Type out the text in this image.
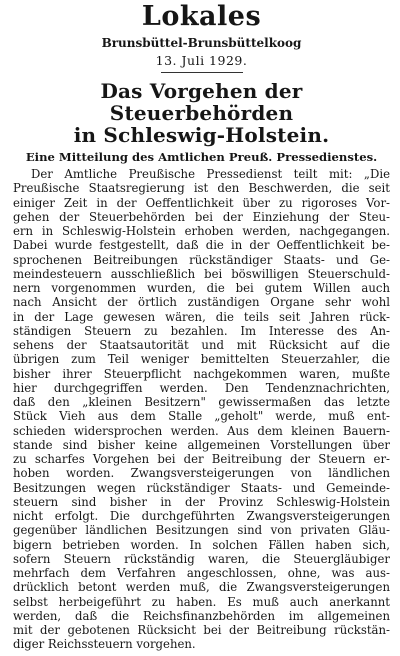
Lokales
Brunsbüttel-Brunsbüttelkoog
13. Juli 1929.
Das Vorgehen der Steuerbehörden
in Schleswig-Holstein.
Eine Mitteilung des Amtlichen Preuß. Pressedienstes.
Der Amtliche Preußische Pressedienst teilt mit: „Die
Preußische Staatsregierung ist den Beschwerden, die seit
einiger Zeit in der Oeffentlichkeit über zu rigoroses Vor-
gehen der Steuerbehörden bei der Einziehung der Steu-
ern in Schleswig-Holstein erhoben werden, nachgegangen.
Dabei wurde festgestellt, daß die in der Oeffentlichkeit be-
sprochenen Beitreibungen rückständiger Staats- und Ge-
meindesteuern ausschließlich bei böswilligen Steuerschuld-
nern vorgenommen wurden, die bei gutem Willen auch
nach Ansicht der örtlich zuständigen Organe sehr wohl
in der Lage gewesen wären, die teils seit Jahren rück-
ständigen Steuern zu bezahlen. Im Interesse des An-
sehens der Staatsautorität und mit Rücksicht auf die
übrigen zum Teil weniger bemittelten Steuerzahler, die
bisher ihrer Steuerpflicht nachgekommen waren, mußte
hier durchgegriffen werden. Den Tendenznachrichten,
daß den „kleinen Besitzern" gewissermaßen das letzte
Stück Vieh aus dem Stalle „geholt" werde, muß ent-
schieden widersprochen werden. Aus dem kleinen Bauern-
stande sind bisher keine allgemeinen Vorstellungen über
zu scharfes Vorgehen bei der Beitreibung der Steuern er-
hoben worden. Zwangsversteigerungen von ländlichen
Besitzungen wegen rückständiger Staats- und Gemeinde-
steuern sind bisher in der Provinz Schleswig-Holstein
nicht erfolgt. Die durchgeführten Zwangsversteigerungen
gegenüber ländlichen Besitzungen sind von privaten Gläu-
bigern betrieben worden. In solchen Fällen haben sich,
sofern Steuern rückständig waren, die Steuergläubiger
mehrfach dem Verfahren angeschlossen, ohne, was aus-
drücklich betont werden muß, die Zwangsversteigerungen
selbst herbeigeführt zu haben. Es muß auch anerkannt
werden, daß die Reichsfinanzbehörden im allgemeinen
mit der gebotenen Rücksicht bei der Beitreibung rückstän-
diger Reichssteuern vorgehen.
